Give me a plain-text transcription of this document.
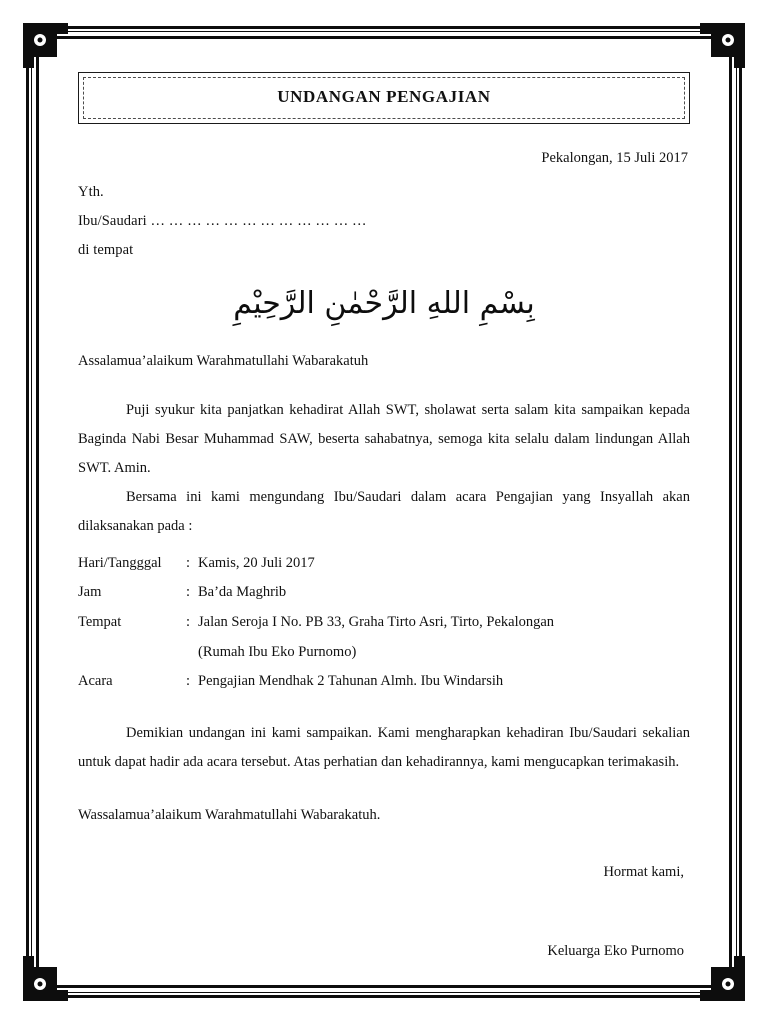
UNDANGAN PENGAJIAN
Pekalongan, 15 Juli 2017
Yth.
Ibu/Saudari … … … … … … … … … … … …
di tempat
بِسْمِ اللهِ الرَّحْمٰنِ الرَّحِيْمِ
Assalamua’alaikum Warahmatullahi Wabarakatuh
Puji syukur kita panjatkan kehadirat Allah SWT, sholawat serta salam kita sampaikan kepada Baginda Nabi Besar Muhammad SAW, beserta sahabatnya, semoga kita selalu dalam lindungan Allah SWT. Amin.
Bersama ini kami mengundang Ibu/Saudari dalam acara Pengajian yang Insyallah akan dilaksanakan pada :
Hari/Tangggal	: Kamis, 20 Juli 2017
Jam	: Ba’da Maghrib
Tempat	: Jalan Seroja I No. PB 33, Graha Tirto Asri, Tirto, Pekalongan
(Rumah Ibu Eko Purnomo)
Acara	: Pengajian Mendhak 2 Tahunan Almh. Ibu Windarsih
Demikian undangan ini kami sampaikan. Kami mengharapkan kehadiran Ibu/Saudari sekalian untuk dapat hadir ada acara tersebut. Atas perhatian dan kehadirannya, kami mengucapkan terimakasih.
Wassalamua’alaikum Warahmatullahi Wabarakatuh.
Hormat kami,
Keluarga Eko Purnomo
